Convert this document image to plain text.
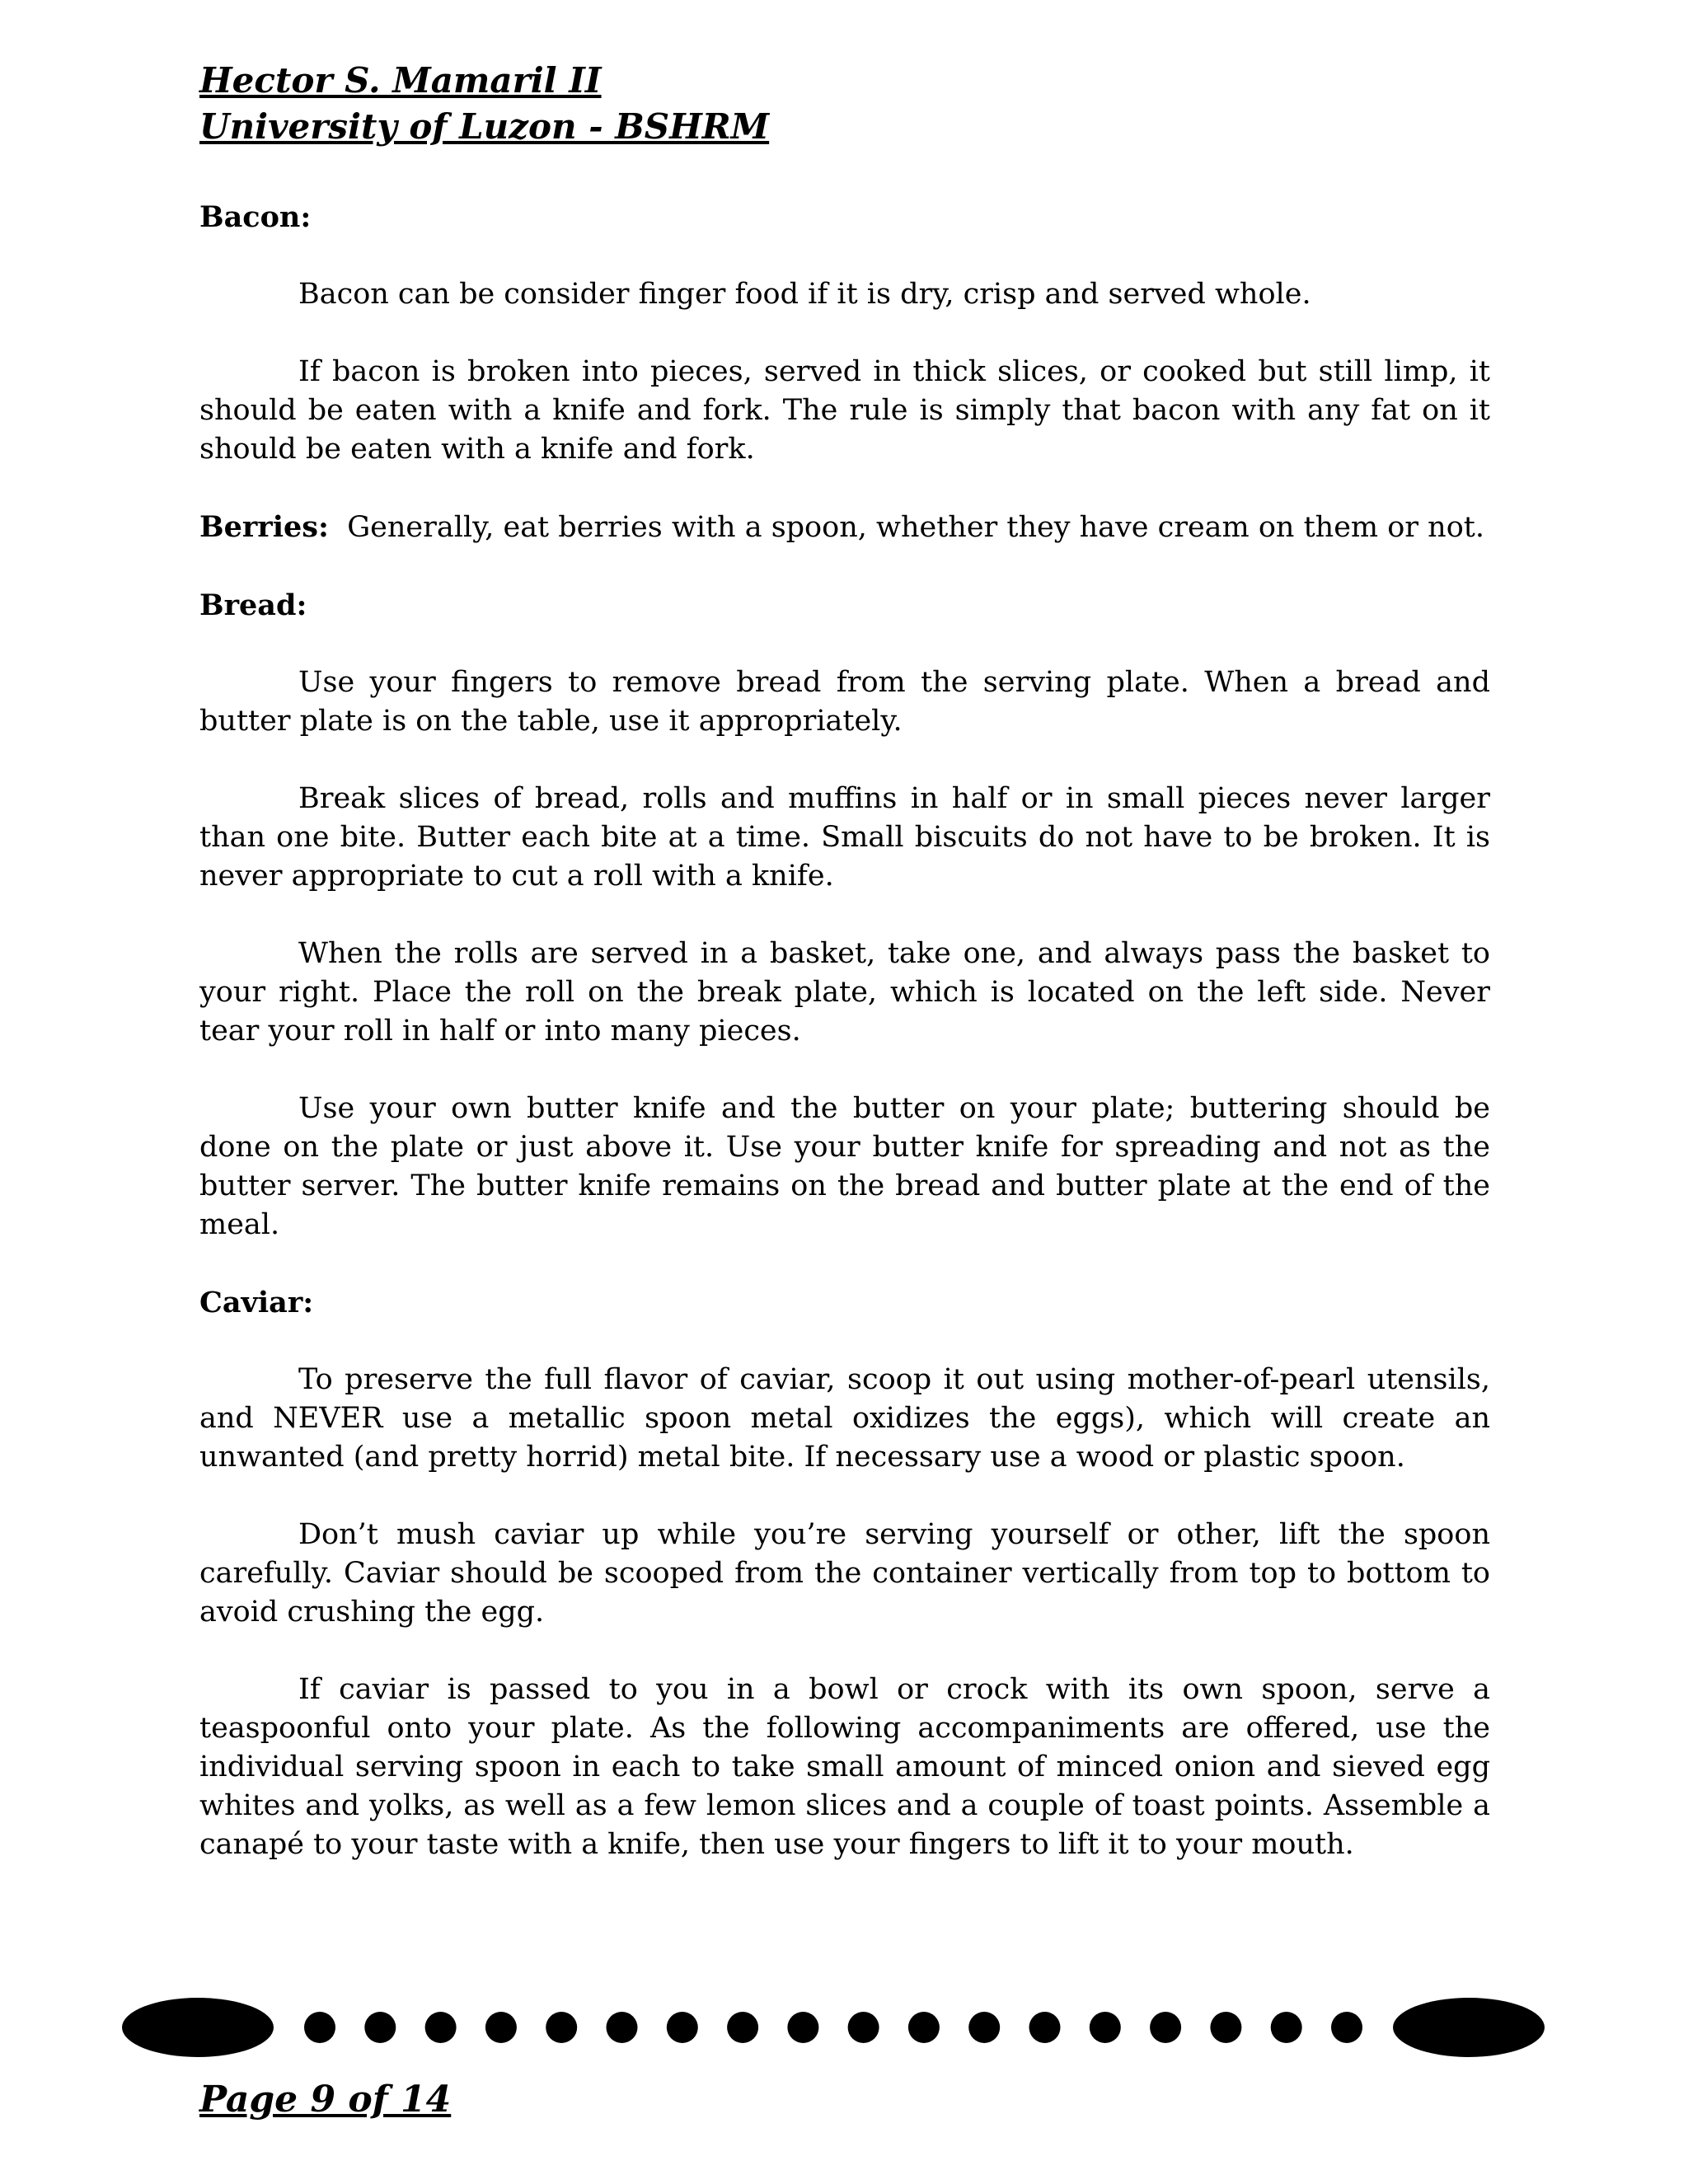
Hector S. Mamaril II
University of Luzon - BSHRM
Bacon:

Bacon can be consider finger food if it is dry, crisp and served whole.

If bacon is broken into pieces, served in thick slices, or cooked but still limp, it should be eaten with a knife and fork. The rule is simply that bacon with any fat on it should be eaten with a knife and fork.

Berries: Generally, eat berries with a spoon, whether they have cream on them or not.

Bread:

Use your fingers to remove bread from the serving plate. When a bread and butter plate is on the table, use it appropriately.

Break slices of bread, rolls and muffins in half or in small pieces never larger than one bite. Butter each bite at a time. Small biscuits do not have to be broken. It is never appropriate to cut a roll with a knife.

When the rolls are served in a basket, take one, and always pass the basket to your right. Place the roll on the break plate, which is located on the left side. Never tear your roll in half or into many pieces.

Use your own butter knife and the butter on your plate; buttering should be done on the plate or just above it. Use your butter knife for spreading and not as the butter server. The butter knife remains on the bread and butter plate at the end of the meal.

Caviar:

To preserve the full flavor of caviar, scoop it out using mother-of-pearl utensils, and NEVER use a metallic spoon metal oxidizes the eggs), which will create an unwanted (and pretty horrid) metal bite. If necessary use a wood or plastic spoon.

Don’t mush caviar up while you’re serving yourself or other, lift the spoon carefully. Caviar should be scooped from the container vertically from top to bottom to avoid crushing the egg.

If caviar is passed to you in a bowl or crock with its own spoon, serve a teaspoonful onto your plate. As the following accompaniments are offered, use the individual serving spoon in each to take small amount of minced onion and sieved egg whites and yolks, as well as a few lemon slices and a couple of toast points. Assemble a canapé to your taste with a knife, then use your fingers to lift it to your mouth.

Page 9 of 14
